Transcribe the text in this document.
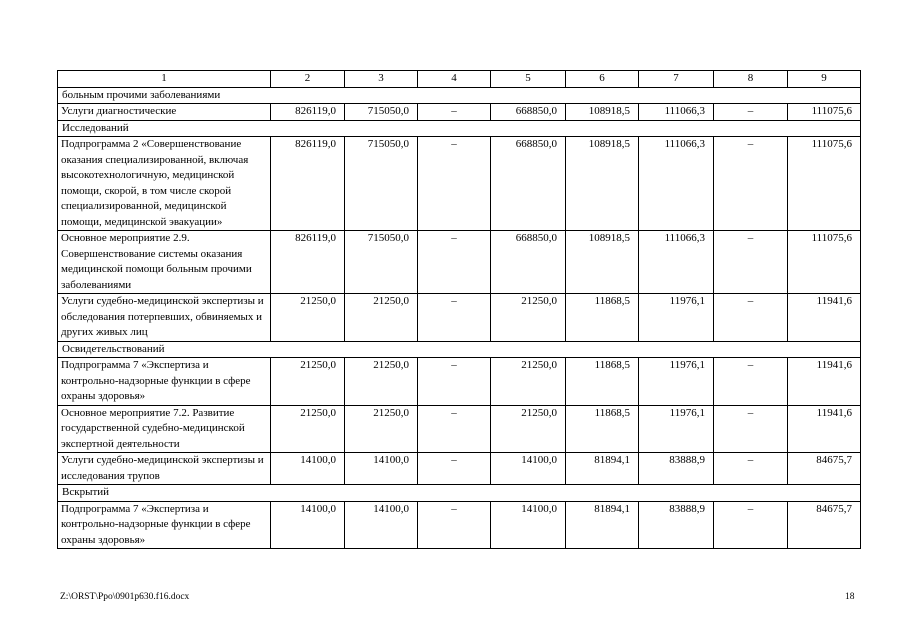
1	2	3	4	5	6	7	8	9
больным прочими заболеваниями								
Услуги диагностические	826119,0	715050,0	–	668850,0	108918,5	111066,3	–	111075,6
Исследований								
Подпрограмма 2 «Совершенствование оказания специализированной, включая высокотехнологичную, медицинской помощи, скорой, в том числе скорой специализированной, медицинской помощи, медицинской эвакуации»	826119,0	715050,0	–	668850,0	108918,5	111066,3	–	111075,6
Основное мероприятие 2.9. Совершенствование системы оказания медицинской помощи больным прочими заболеваниями	826119,0	715050,0	–	668850,0	108918,5	111066,3	–	111075,6
Услуги судебно-медицинской экспертизы и обследования потерпевших, обвиняемых и других живых лиц	21250,0	21250,0	–	21250,0	11868,5	11976,1	–	11941,6
Освидетельствований								
Подпрограмма 7 «Экспертиза и контрольно-надзорные функции в сфере охраны здоровья»	21250,0	21250,0	–	21250,0	11868,5	11976,1	–	11941,6
Основное мероприятие 7.2. Развитие государственной судебно-медицинской экспертной деятельности	21250,0	21250,0	–	21250,0	11868,5	11976,1	–	11941,6
Услуги судебно-медицинской экспертизы и исследования трупов	14100,0	14100,0	–	14100,0	81894,1	83888,9	–	84675,7
Вскрытий								
Подпрограмма 7 «Экспертиза и контрольно-надзорные функции в сфере охраны здоровья»	14100,0	14100,0	–	14100,0	81894,1	83888,9	–	84675,7
Z:\ORST\Ppo\0901p630.f16.docx	18
